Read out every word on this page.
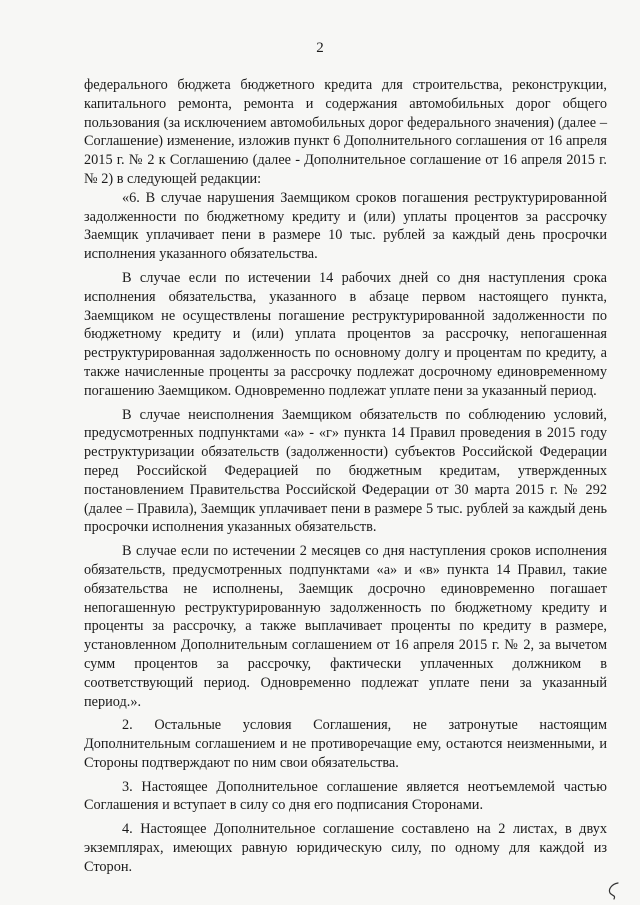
2

федерального бюджета бюджетного кредита для строительства, реконструкции, капитального ремонта, ремонта и содержания автомобильных дорог общего пользования (за исключением автомобильных дорог федерального значения) (далее – Соглашение) изменение, изложив пункт 6 Дополнительного соглашения от 16 апреля 2015 г. № 2 к Соглашению (далее - Дополнительное соглашение от 16 апреля 2015 г. № 2) в следующей редакции:

«6. В случае нарушения Заемщиком сроков погашения реструктурированной задолженности по бюджетному кредиту и (или) уплаты процентов за рассрочку Заемщик уплачивает пени в размере 10 тыс. рублей за каждый день просрочки исполнения указанного обязательства.

В случае если по истечении 14 рабочих дней со дня наступления срока исполнения обязательства, указанного в абзаце первом настоящего пункта, Заемщиком не осуществлены погашение реструктурированной задолженности по бюджетному кредиту и (или) уплата процентов за рассрочку, непогашенная реструктурированная задолженность по основному долгу и процентам по кредиту, а также начисленные проценты за рассрочку подлежат досрочному единовременному погашению Заемщиком. Одновременно подлежат уплате пени за указанный период.

В случае неисполнения Заемщиком обязательств по соблюдению условий, предусмотренных подпунктами «а» - «г» пункта 14 Правил проведения в 2015 году реструктуризации обязательств (задолженности) субъектов Российской Федерации перед Российской Федерацией по бюджетным кредитам, утвержденных постановлением Правительства Российской Федерации от 30 марта 2015 г. № 292 (далее – Правила), Заемщик уплачивает пени в размере 5 тыс. рублей за каждый день просрочки исполнения указанных обязательств.

В случае если по истечении 2 месяцев со дня наступления сроков исполнения обязательств, предусмотренных подпунктами «а» и «в» пункта 14 Правил, такие обязательства не исполнены, Заемщик досрочно единовременно погашает непогашенную реструктурированную задолженность по бюджетному кредиту и проценты за рассрочку, а также выплачивает проценты по кредиту в размере, установленном Дополнительным соглашением от 16 апреля 2015 г. № 2, за вычетом сумм процентов за рассрочку, фактически уплаченных должником в соответствующий период. Одновременно подлежат уплате пени за указанный период.».

2. Остальные условия Соглашения, не затронутые настоящим Дополнительным соглашением и не противоречащие ему, остаются неизменными, и Стороны подтверждают по ним свои обязательства.

3. Настоящее Дополнительное соглашение является неотъемлемой частью Соглашения и вступает в силу со дня его подписания Сторонами.

4. Настоящее Дополнительное соглашение составлено на 2 листах, в двух экземплярах, имеющих равную юридическую силу, по одному для каждой из Сторон.
